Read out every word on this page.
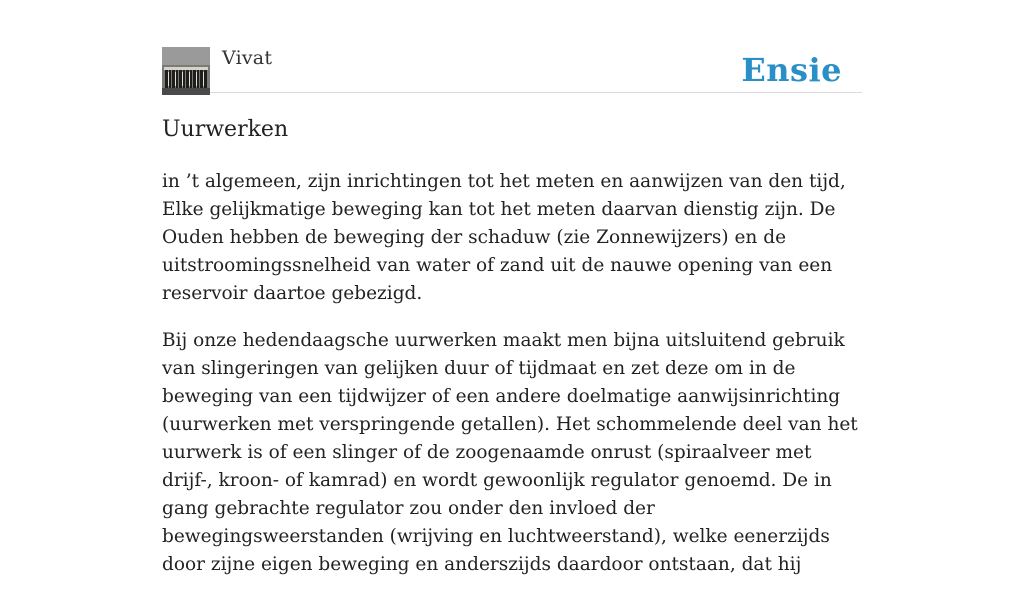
Vivat	Ensie
Uurwerken

in ’t algemeen, zijn inrichtingen tot het meten en aanwijzen van den tijd, Elke gelijkmatige beweging kan tot het meten daarvan dienstig zijn. De Ouden hebben de beweging der schaduw (zie Zonnewijzers) en de uitstroomingssnelheid van water of zand uit de nauwe opening van een reservoir daartoe gebezigd.

Bij onze hedendaagsche uurwerken maakt men bijna uitsluitend gebruik van slingeringen van gelijken duur of tijdmaat en zet deze om in de beweging van een tijdwijzer of een andere doelmatige aanwijsinrichting (uurwerken met verspringende getallen). Het schommelende deel van het uurwerk is of een slinger of de zoogenaamde onrust (spiraalveer met drijf-, kroon- of kamrad) en wordt gewoonlijk regulator genoemd. De in gang gebrachte regulator zou onder den invloed der bewegingsweerstanden (wrijving en luchtweerstand), welke eenerzijds door zijne eigen beweging en anderszijds daardoor ontstaan, dat hij
